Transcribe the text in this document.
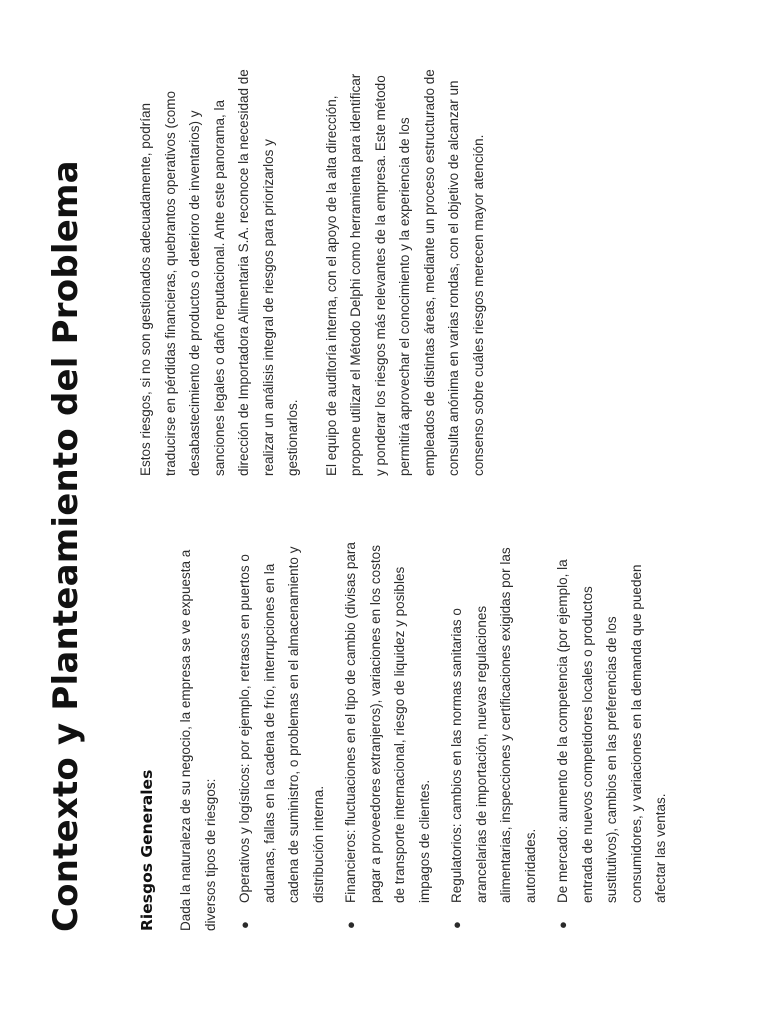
Contexto y Planteamiento del Problema	Riesgos Generales Dada la naturaleza de su negocio, la empresa se ve expuesta a diversos tipos de riesgos:	●
Operativos y logísticos: por ejemplo, retrasos en puertos o aduanas, fallas en la cadena de frío, interrupciones en la cadena de suministro, o problemas en el almacenamiento y distribución interna.
●
Financieros: fluctuaciones en el tipo de cambio (divisas para pagar a proveedores extranjeros), variaciones en los costos de transporte internacional, riesgo de liquidez y posibles impagos de clientes.
●
Regulatorios: cambios en las normas sanitarias o arancelarias de importación, nuevas regulaciones alimentarias, inspecciones y certificaciones exigidas por las autoridades.
●
De mercado: aumento de la competencia (por ejemplo, la entrada de nuevos competidores locales o productos sustitutivos), cambios en las preferencias de los consumidores, y variaciones en la demanda que pueden afectar las ventas.

Estos riesgos, si no son gestionados adecuadamente, podrían traducirse en pérdidas financieras, quebrantos operativos (como desabastecimiento de productos o deterioro de inventarios) y sanciones legales o daño reputacional. Ante este panorama, la dirección de Importadora Alimentaria S.A. reconoce la necesidad de realizar un análisis integral de riesgos para priorizarlos y gestionarlos.	El equipo de auditoría interna, con el apoyo de la alta dirección, propone utilizar el Método Delphi como herramienta para identificar y ponderar los riesgos más relevantes de la empresa. Este método permitirá aprovechar el conocimiento y la experiencia de los empleados de distintas áreas, mediante un proceso estructurado de consulta anónima en varias rondas, con el objetivo de alcanzar un consenso sobre cuáles riesgos merecen mayor atención.
